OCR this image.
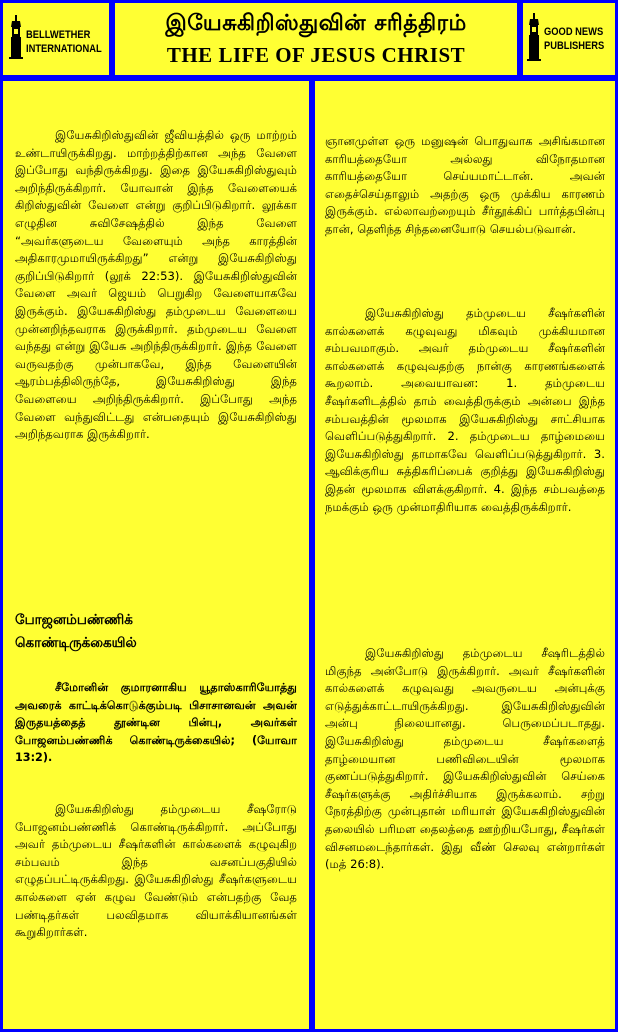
BELLWETHER
INTERNATIONAL
இயேசுகிறிஸ்துவின் சரித்திரம்
THE LIFE OF JESUS CHRIST
GOOD NEWS
PUBLISHERS

இயேசுகிறிஸ்துவின் ஜீவியத்தில் ஒரு மாற்றம் உண்டாயிருக்கிறது. மாற்றத்திற்கான அந்த வேளை இப்போது வந்திருக்கிறது. இதை இயேசுகிறிஸ்துவும் அறிந்திருக்கிறார். யோவான் இந்த வேளையைக் கிறிஸ்துவின் வேளை என்று குறிப்பிடுகிறார். லூக்கா எழுதின சுவிசேஷத்தில் இந்த வேளை “அவர்களுடைய வேளையும் அந்த காரத்தின் அதிகாரமுமாயிருக்கிறது” என்று இயேசுகிறிஸ்து குறிப்பிடுகிறார் (லூக் 22:53). இயேசுகிறிஸ்துவின் வேளை அவர் ஜெயம் பெறுகிற வேளையாகவே இருக்கும். இயேசுகிறிஸ்து தம்முடைய வேளையை முன்னறிந்தவராக இருக்கிறார். தம்முடைய வேளை வந்தது என்று இயேசு அறிந்திருக்கிறார். இந்த வேளை வருவதற்கு முன்பாகவே, இந்த வேளையின் ஆரம்பத்திலிருந்தே, இயேசுகிறிஸ்து இந்த வேளையை அறிந்திருக்கிறார். இப்போது அந்த வேளை வந்துவிட்டது என்பதையும் இயேசுகிறிஸ்து அறிந்தவராக இருக்கிறார்.

போஜனம்பண்ணிக் கொண்டிருக்கையில்

சீமோனின் குமாரனாகிய யூதாஸ்காரியோத்து அவரைக் காட்டிக்கொடுக்கும்படி பிசாசானவன் அவன் இருதயத்தைத் தூண்டின பின்பு, அவர்கள் போஜனம்பண்ணிக் கொண்டிருக்கையில்; (யோவா 13:2).

இயேசுகிறிஸ்து தம்முடைய சீஷரோடு போஜனம்பண்ணிக் கொண்டிருக்கிறார். அப்போது அவர் தம்முடைய சீஷர்களின் கால்களைக் கழுவுகிற சம்பவம் இந்த வசனப்பகுதியில் எழுதப்பட்டிருக்கிறது. இயேசுகிறிஸ்து சீஷர்களுடைய கால்களை ஏன் கழுவ வேண்டும் என்பதற்கு வேத பண்டிதர்கள் பலவிதமாக வியாக்கியானங்கள் கூறுகிறார்கள்.

ஞானமுள்ள ஒரு மனுஷன் பொதுவாக அசிங்கமான காரியத்தையோ அல்லது விநோதமான காரியத்தையோ செய்யமாட்டான். அவன் எதைச்செய்தாலும் அதற்கு ஒரு முக்கிய காரணம் இருக்கும். எல்லாவற்றையும் சீர்தூக்கிப் பார்த்தபின்பு தான், தெளிந்த சிந்தனையோடு செயல்படுவான்.

இயேசுகிறிஸ்து தம்முடைய சீஷர்களின் கால்களைக் கழுவுவது மிகவும் முக்கியமான சம்பவமாகும். அவர் தம்முடைய சீஷர்களின் கால்களைக் கழுவுவதற்கு நான்கு காரணங்களைக் கூறலாம். அவையாவன: 1. தம்முடைய சீஷர்களிடத்தில் தாம் வைத்திருக்கும் அன்பை இந்த சம்பவத்தின் மூலமாக இயேசுகிறிஸ்து சாட்சியாக வெளிப்படுத்துகிறார். 2. தம்முடைய தாழ்மையை இயேசுகிறிஸ்து தாமாகவே வெளிப்படுத்துகிறார். 3. ஆவிக்குரிய சுத்திகரிப்பைக் குறித்து இயேசுகிறிஸ்து இதன் மூலமாக விளக்குகிறார். 4. இந்த சம்பவத்தை நமக்கும் ஒரு முன்மாதிரியாக வைத்திருக்கிறார்.

இயேசுகிறிஸ்து தம்முடைய சீஷரிடத்தில் மிகுந்த அன்போடு இருக்கிறார். அவர் சீஷர்களின் கால்களைக் கழுவுவது அவருடைய அன்புக்கு எடுத்துக்காட்டாயிருக்கிறது. இயேசுகிறிஸ்துவின் அன்பு நிலையானது. பெருமைப்படாதது. இயேசுகிறிஸ்து தம்முடைய சீஷர்களைத் தாழ்மையான பணிவிடையின் மூலமாக குணப்படுத்துகிறார். இயேசுகிறிஸ்துவின் செய்கை சீஷர்களுக்கு அதிர்ச்சியாக இருக்கலாம். சற்று நேரத்திற்கு முன்புதான் மரியாள் இயேசுகிறிஸ்துவின் தலையில் பரிமள தைலத்தை ஊற்றியபோது, சீஷர்கள் விசனமடைந்தார்கள். இது வீண் செலவு என்றார்கள் (மத் 26:8).
